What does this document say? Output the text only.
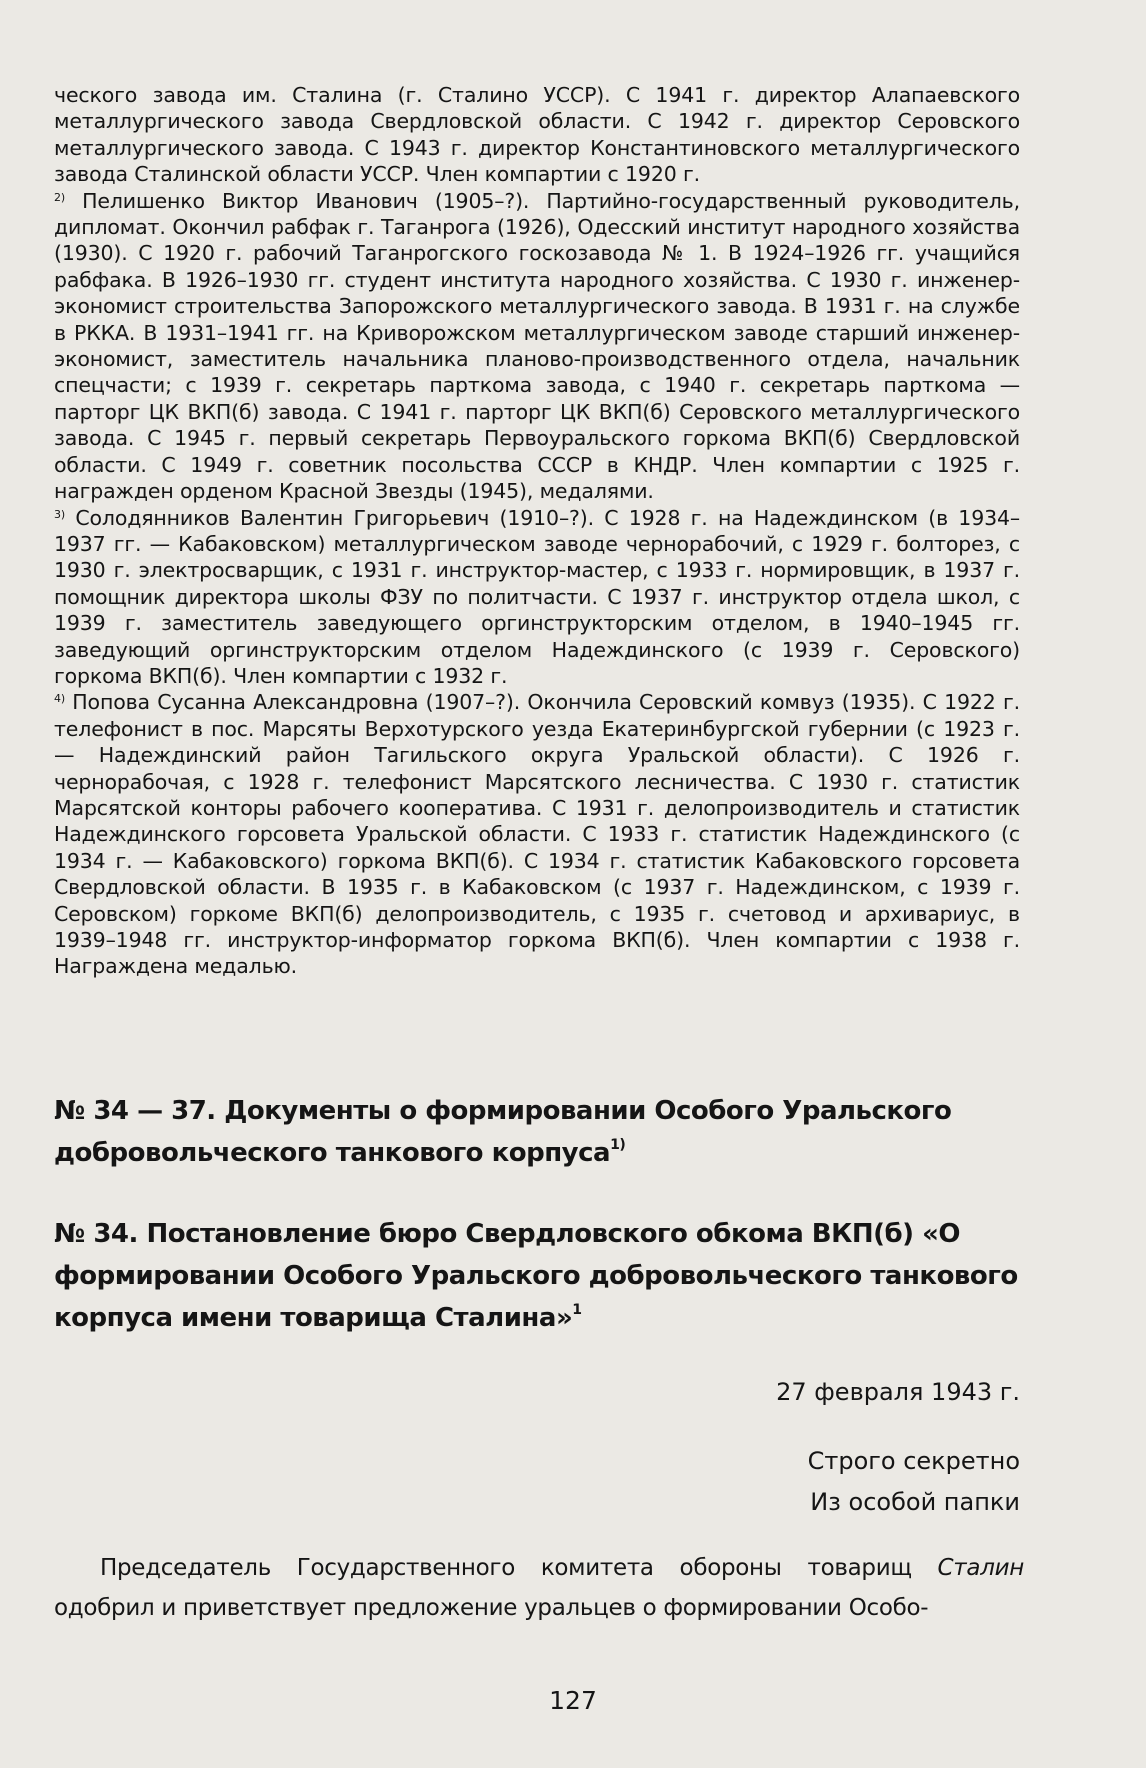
ческого завода им. Сталина (г. Сталино УССР). С 1941 г. директор Алапаевского металлургического завода Свердловской области. С 1942 г. директор Серовского металлургического завода. С 1943 г. директор Константиновского металлургического завода Сталинской области УССР. Член компартии с 1920 г.

$^{2)}$ Пелишенко Виктор Иванович (1905–?). Партийно-государственный руководитель, дипломат. Окончил рабфак г. Таганрога (1926), Одесский институт народного хозяйства (1930). С 1920 г. рабочий Таганрогского госкозавода № 1. В 1924–1926 гг. учащийся рабфака. В 1926–1930 гг. студент института народного хозяйства. С 1930 г. инженер-экономист строительства Запорожского металлургического завода. В 1931 г. на службе в РККА. В 1931–1941 гг. на Криворожском металлургическом заводе старший инженер-экономист, заместитель начальника планово-производственного отдела, начальник спецчасти; с 1939 г. секретарь парткома завода, с 1940 г. секретарь парткома — парторг ЦК ВКП(б) завода. С 1941 г. парторг ЦК ВКП(б) Серовского металлургического завода. С 1945 г. первый секретарь Первоуральского горкома ВКП(б) Свердловской области. С 1949 г. советник посольства СССР в КНДР. Член компартии с 1925 г. награжден орденом Красной Звезды (1945), медалями.

$^{3)}$ Солодянников Валентин Григорьевич (1910–?). С 1928 г. на Надеждинском (в 1934–1937 гг. — Кабаковском) металлургическом заводе чернорабочий, с 1929 г. болторез, с 1930 г. электросварщик, с 1931 г. инструктор-мастер, с 1933 г. нормировщик, в 1937 г. помощник директора школы ФЗУ по политчасти. С 1937 г. инструктор отдела школ, с 1939 г. заместитель заведующего оргинструкторским отделом, в 1940–1945 гг. заведующий оргинструкторским отделом Надеждинского (с 1939 г. Серовского) горкома ВКП(б). Член компартии с 1932 г.

$^{4)}$ Попова Сусанна Александровна (1907–?). Окончила Серовский комвуз (1935). С 1922 г. телефонист в пос. Марсяты Верхотурского уезда Екатеринбургской губернии (с 1923 г. — Надеждинский район Тагильского округа Уральской области). С 1926 г. чернорабочая, с 1928 г. телефонист Марсятского лесничества. С 1930 г. статистик Марсятской конторы рабочего кооператива. С 1931 г. делопроизводитель и статистик Надеждинского горсовета Уральской области. С 1933 г. статистик Надеждинского (с 1934 г. — Кабаковского) горкома ВКП(б). С 1934 г. статистик Кабаковского горсовета Свердловской области. В 1935 г. в Кабаковском (с 1937 г. Надеждинском, с 1939 г. Серовском) горкоме ВКП(б) делопроизводитель, с 1935 г. счетовод и архивариус, в 1939–1948 гг. инструктор-информатор горкома ВКП(б). Член компартии с 1938 г. Награждена медалью.

№ 34 — 37. Документы о формировании Особого Уральского добровольческого танкового корпуса$^{1)}$
№ 34. Постановление бюро Свердловского обкома ВКП(б) «О формировании Особого Уральского добровольческого танкового корпуса имени товарища Сталина»$^1$
27 февраля 1943 г.
Строго секретно
Из особой папки
Председатель Государственного комитета обороны товарищ Сталин одобрил и приветствует предложение уральцев о формировании Особо-
127
